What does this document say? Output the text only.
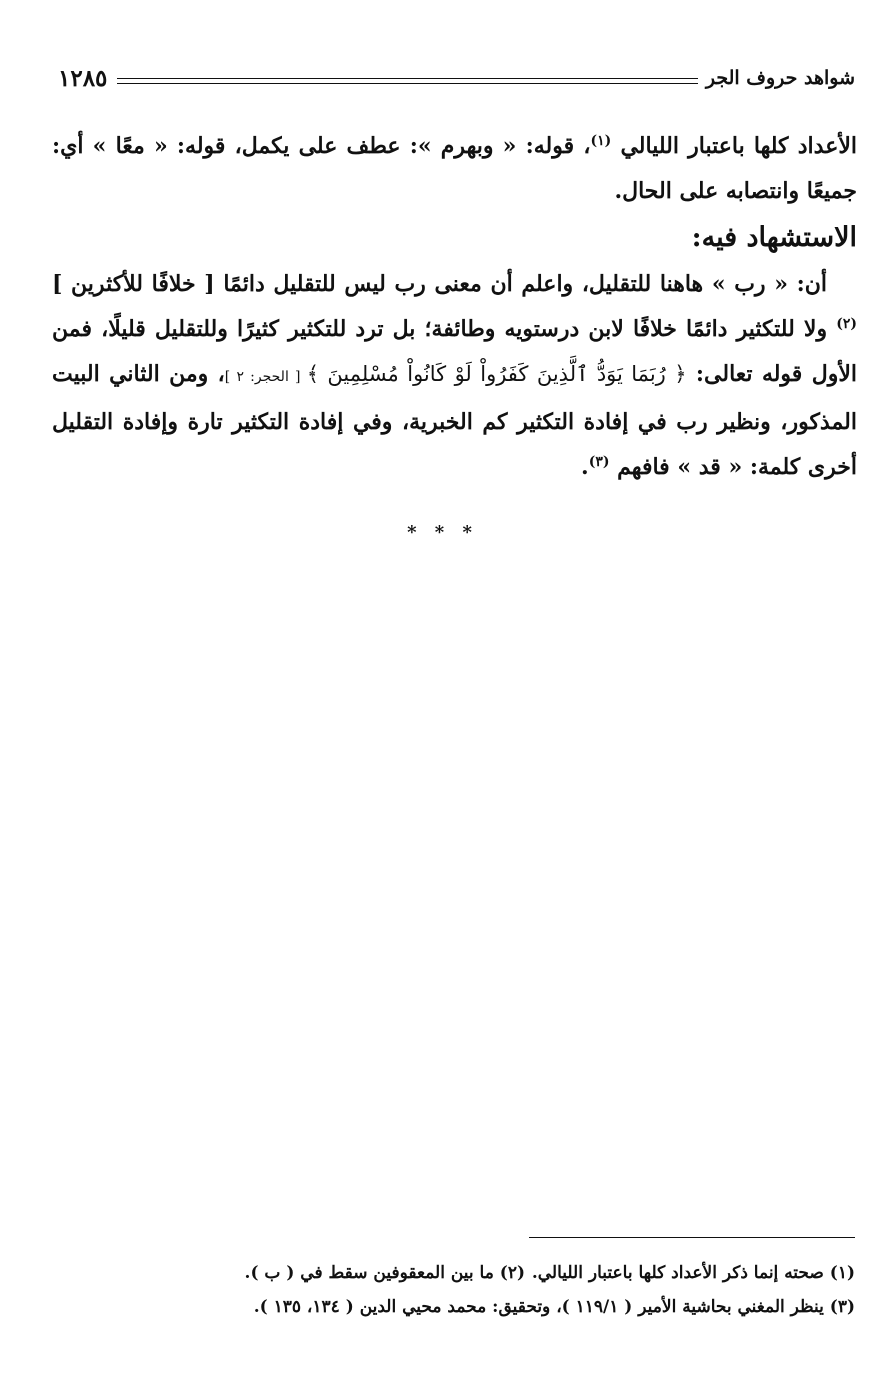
شواهد حروف الجر
١٢٨٥

الأعداد كلها باعتبار الليالي $^{(١)}$، قوله: « وبهرم »: عطف على يكمل، قوله: « معًا » أي: جميعًا وانتصابه على الحال.

الاستشهاد فيه:

أن: « رب » هاهنا للتقليل، واعلم أن معنى رب ليس للتقليل دائمًا [ خلافًا للأكثرين ] $^{(٢)}$ ولا للتكثير دائمًا خلافًا لابن درستويه وطائفة؛ بل ترد للتكثير كثيرًا وللتقليل قليلًا، فمن الأول قوله تعالى: ﴿ رُبَمَا يَوَدُّ ٱلَّذِينَ كَفَرُواْ لَوْ كَانُواْ مُسْلِمِينَ ﴾ [ الحجر: ٢ ]، ومن الثاني البيت المذكور، ونظير رب في إفادة التكثير كم الخبرية، وفي إفادة التكثير تارة وإفادة التقليل أخرى كلمة: « قد » فافهم $^{(٣)}$.

* * *
(١) صحته إنما ذكر الأعداد كلها باعتبار الليالي.
(٢) ما بين المعقوفين سقط في ( ب ).
(٣) ينظر المغني بحاشية الأمير ( ١١٩/١ )، وتحقيق: محمد محيي الدين ( ١٣٤، ١٣٥ ).
